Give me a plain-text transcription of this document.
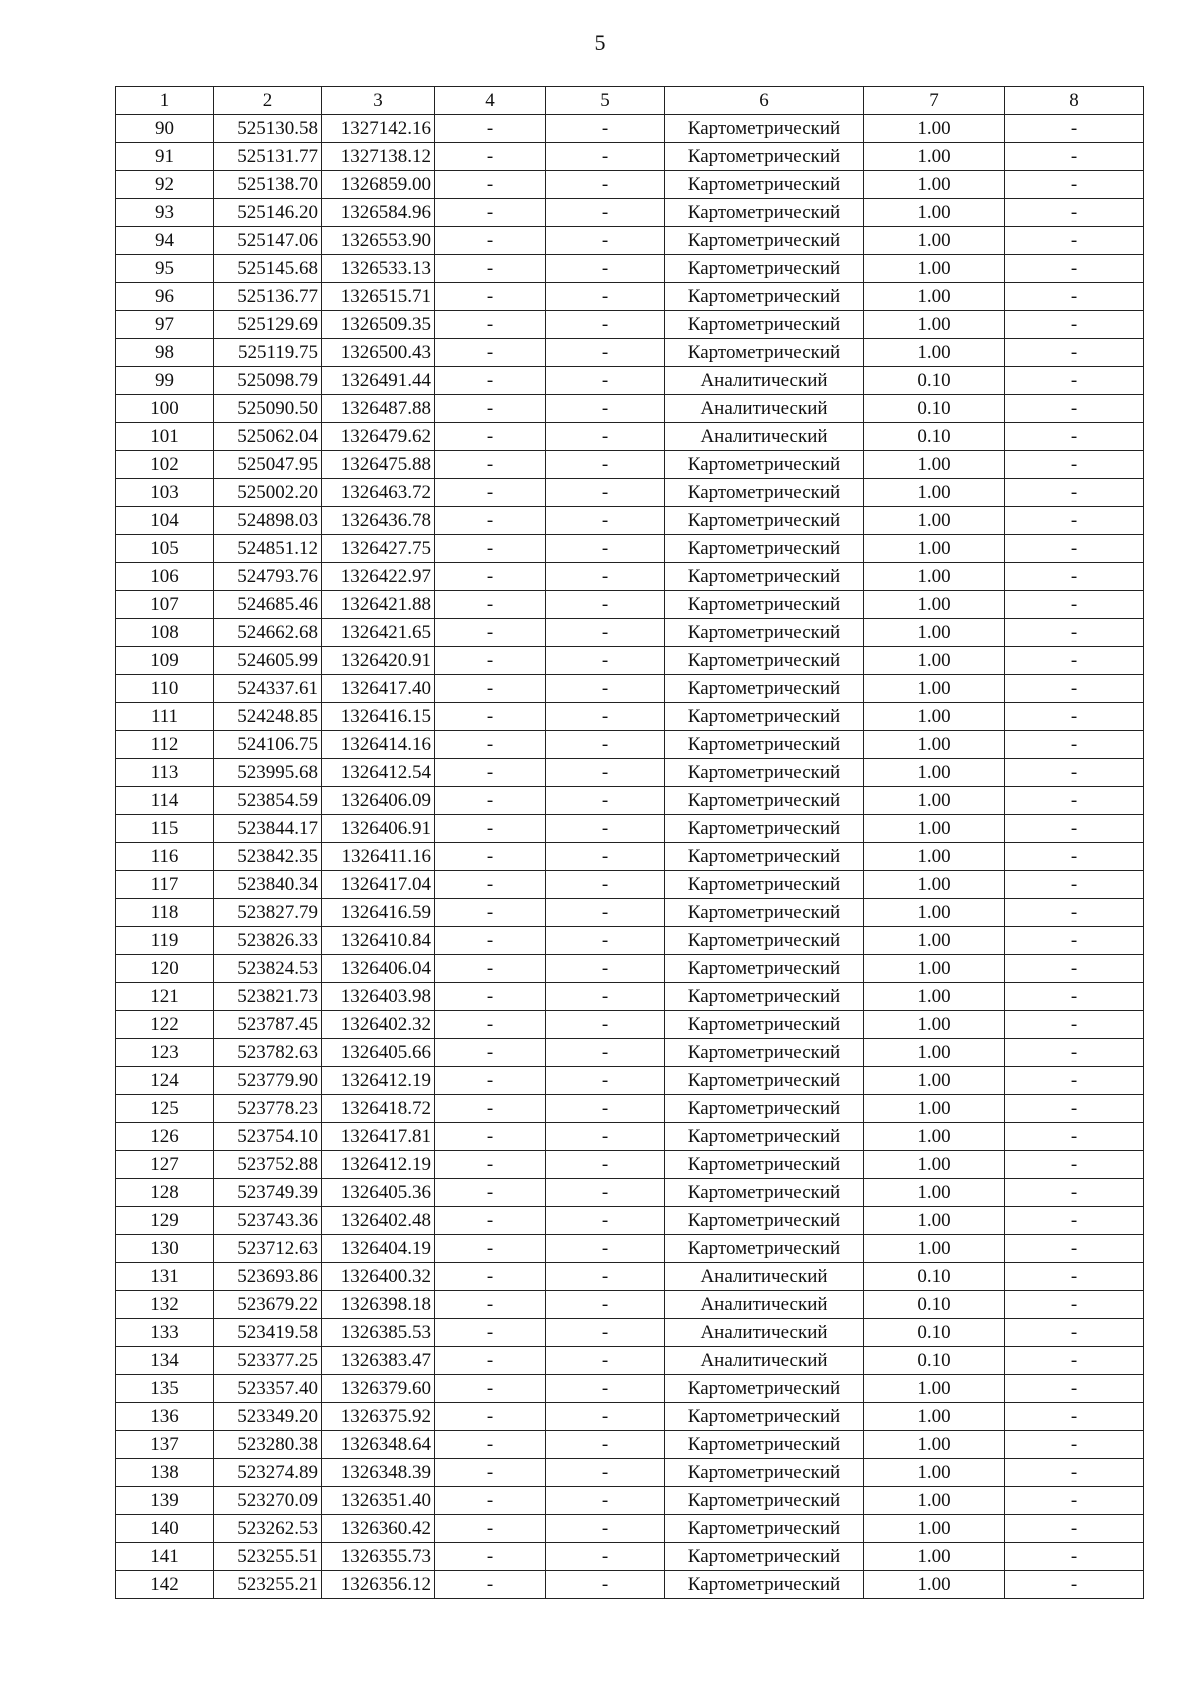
5
1	2	3	4	5	6	7	8
90	525130.58	1327142.16	-	-	Картометрический	1.00	-
91	525131.77	1327138.12	-	-	Картометрический	1.00	-
92	525138.70	1326859.00	-	-	Картометрический	1.00	-
93	525146.20	1326584.96	-	-	Картометрический	1.00	-
94	525147.06	1326553.90	-	-	Картометрический	1.00	-
95	525145.68	1326533.13	-	-	Картометрический	1.00	-
96	525136.77	1326515.71	-	-	Картометрический	1.00	-
97	525129.69	1326509.35	-	-	Картометрический	1.00	-
98	525119.75	1326500.43	-	-	Картометрический	1.00	-
99	525098.79	1326491.44	-	-	Аналитический	0.10	-
100	525090.50	1326487.88	-	-	Аналитический	0.10	-
101	525062.04	1326479.62	-	-	Аналитический	0.10	-
102	525047.95	1326475.88	-	-	Картометрический	1.00	-
103	525002.20	1326463.72	-	-	Картометрический	1.00	-
104	524898.03	1326436.78	-	-	Картометрический	1.00	-
105	524851.12	1326427.75	-	-	Картометрический	1.00	-
106	524793.76	1326422.97	-	-	Картометрический	1.00	-
107	524685.46	1326421.88	-	-	Картометрический	1.00	-
108	524662.68	1326421.65	-	-	Картометрический	1.00	-
109	524605.99	1326420.91	-	-	Картометрический	1.00	-
110	524337.61	1326417.40	-	-	Картометрический	1.00	-
111	524248.85	1326416.15	-	-	Картометрический	1.00	-
112	524106.75	1326414.16	-	-	Картометрический	1.00	-
113	523995.68	1326412.54	-	-	Картометрический	1.00	-
114	523854.59	1326406.09	-	-	Картометрический	1.00	-
115	523844.17	1326406.91	-	-	Картометрический	1.00	-
116	523842.35	1326411.16	-	-	Картометрический	1.00	-
117	523840.34	1326417.04	-	-	Картометрический	1.00	-
118	523827.79	1326416.59	-	-	Картометрический	1.00	-
119	523826.33	1326410.84	-	-	Картометрический	1.00	-
120	523824.53	1326406.04	-	-	Картометрический	1.00	-
121	523821.73	1326403.98	-	-	Картометрический	1.00	-
122	523787.45	1326402.32	-	-	Картометрический	1.00	-
123	523782.63	1326405.66	-	-	Картометрический	1.00	-
124	523779.90	1326412.19	-	-	Картометрический	1.00	-
125	523778.23	1326418.72	-	-	Картометрический	1.00	-
126	523754.10	1326417.81	-	-	Картометрический	1.00	-
127	523752.88	1326412.19	-	-	Картометрический	1.00	-
128	523749.39	1326405.36	-	-	Картометрический	1.00	-
129	523743.36	1326402.48	-	-	Картометрический	1.00	-
130	523712.63	1326404.19	-	-	Картометрический	1.00	-
131	523693.86	1326400.32	-	-	Аналитический	0.10	-
132	523679.22	1326398.18	-	-	Аналитический	0.10	-
133	523419.58	1326385.53	-	-	Аналитический	0.10	-
134	523377.25	1326383.47	-	-	Аналитический	0.10	-
135	523357.40	1326379.60	-	-	Картометрический	1.00	-
136	523349.20	1326375.92	-	-	Картометрический	1.00	-
137	523280.38	1326348.64	-	-	Картометрический	1.00	-
138	523274.89	1326348.39	-	-	Картометрический	1.00	-
139	523270.09	1326351.40	-	-	Картометрический	1.00	-
140	523262.53	1326360.42	-	-	Картометрический	1.00	-
141	523255.51	1326355.73	-	-	Картометрический	1.00	-
142	523255.21	1326356.12	-	-	Картометрический	1.00	-
